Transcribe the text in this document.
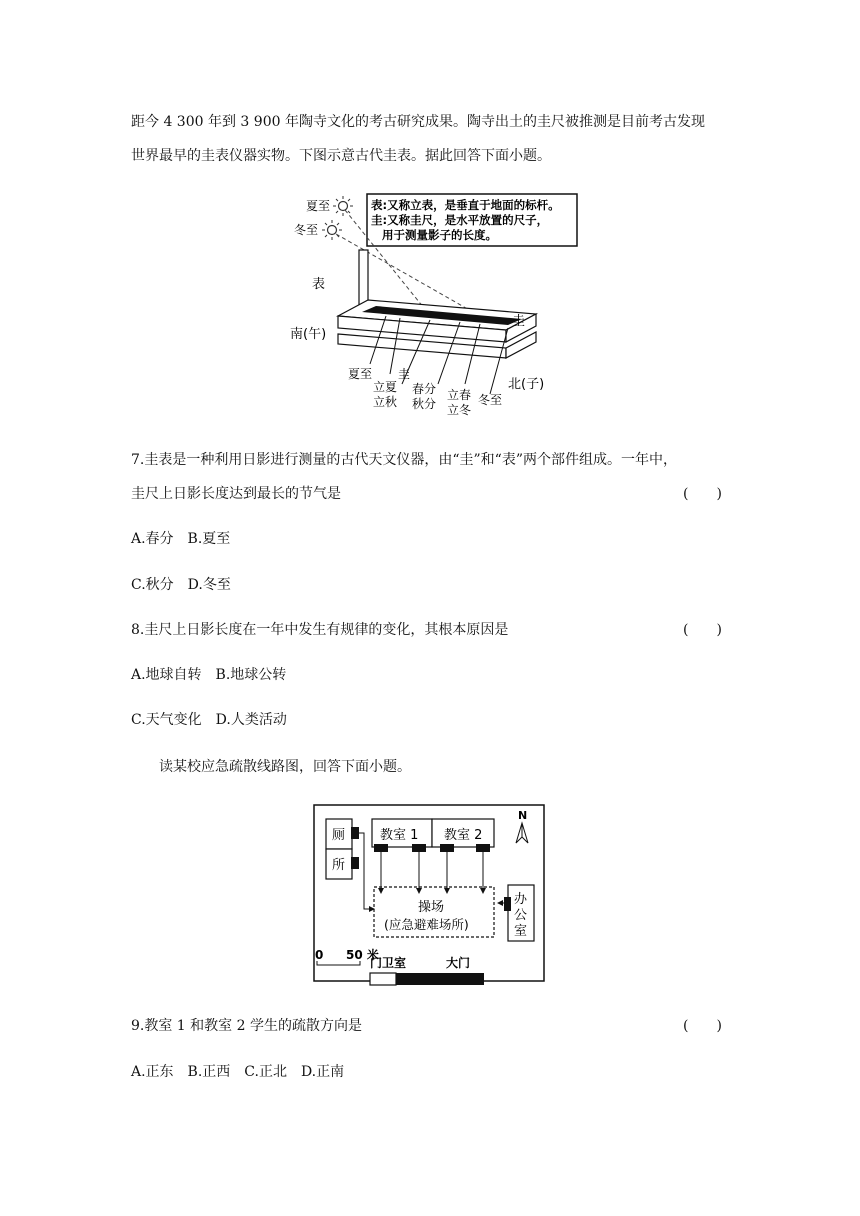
距今 4 300 年到 3 900 年陶寺文化的考古研究成果。陶寺出土的圭尺被推测是目前考古发现
世界最早的圭表仪器实物。下图示意古代圭表。据此回答下面小题。
夏至
冬至
表:又称立表，是垂直于地面的标杆。
圭:又称圭尺，是水平放置的尺子，
用于测量影子的长度。
表
圭
南(午)
北(子)
夏至 圭
立夏
立秋
春分
秋分
立春
立冬
冬至
7.圭表是一种利用日影进行测量的古代天文仪器，由“圭”和“表”两个部件组成。一年中，
圭尺上日影长度达到最长的节气是	(　　)
A.春分　B.夏至
C.秋分　D.冬至
8.圭尺上日影长度在一年中发生有规律的变化，其根本原因是	(　　)
A.地球自转　B.地球公转
C.天气变化　D.人类活动
读某校应急疏散线路图，回答下面小题。
厕
所
教室 1 教室 2
N
操场
(应急避难场所)
办
公
室
0 50 米
门卫室	大门
9.教室 1 和教室 2 学生的疏散方向是	(　　)
A.正东　B.正西　C.正北　D.正南
